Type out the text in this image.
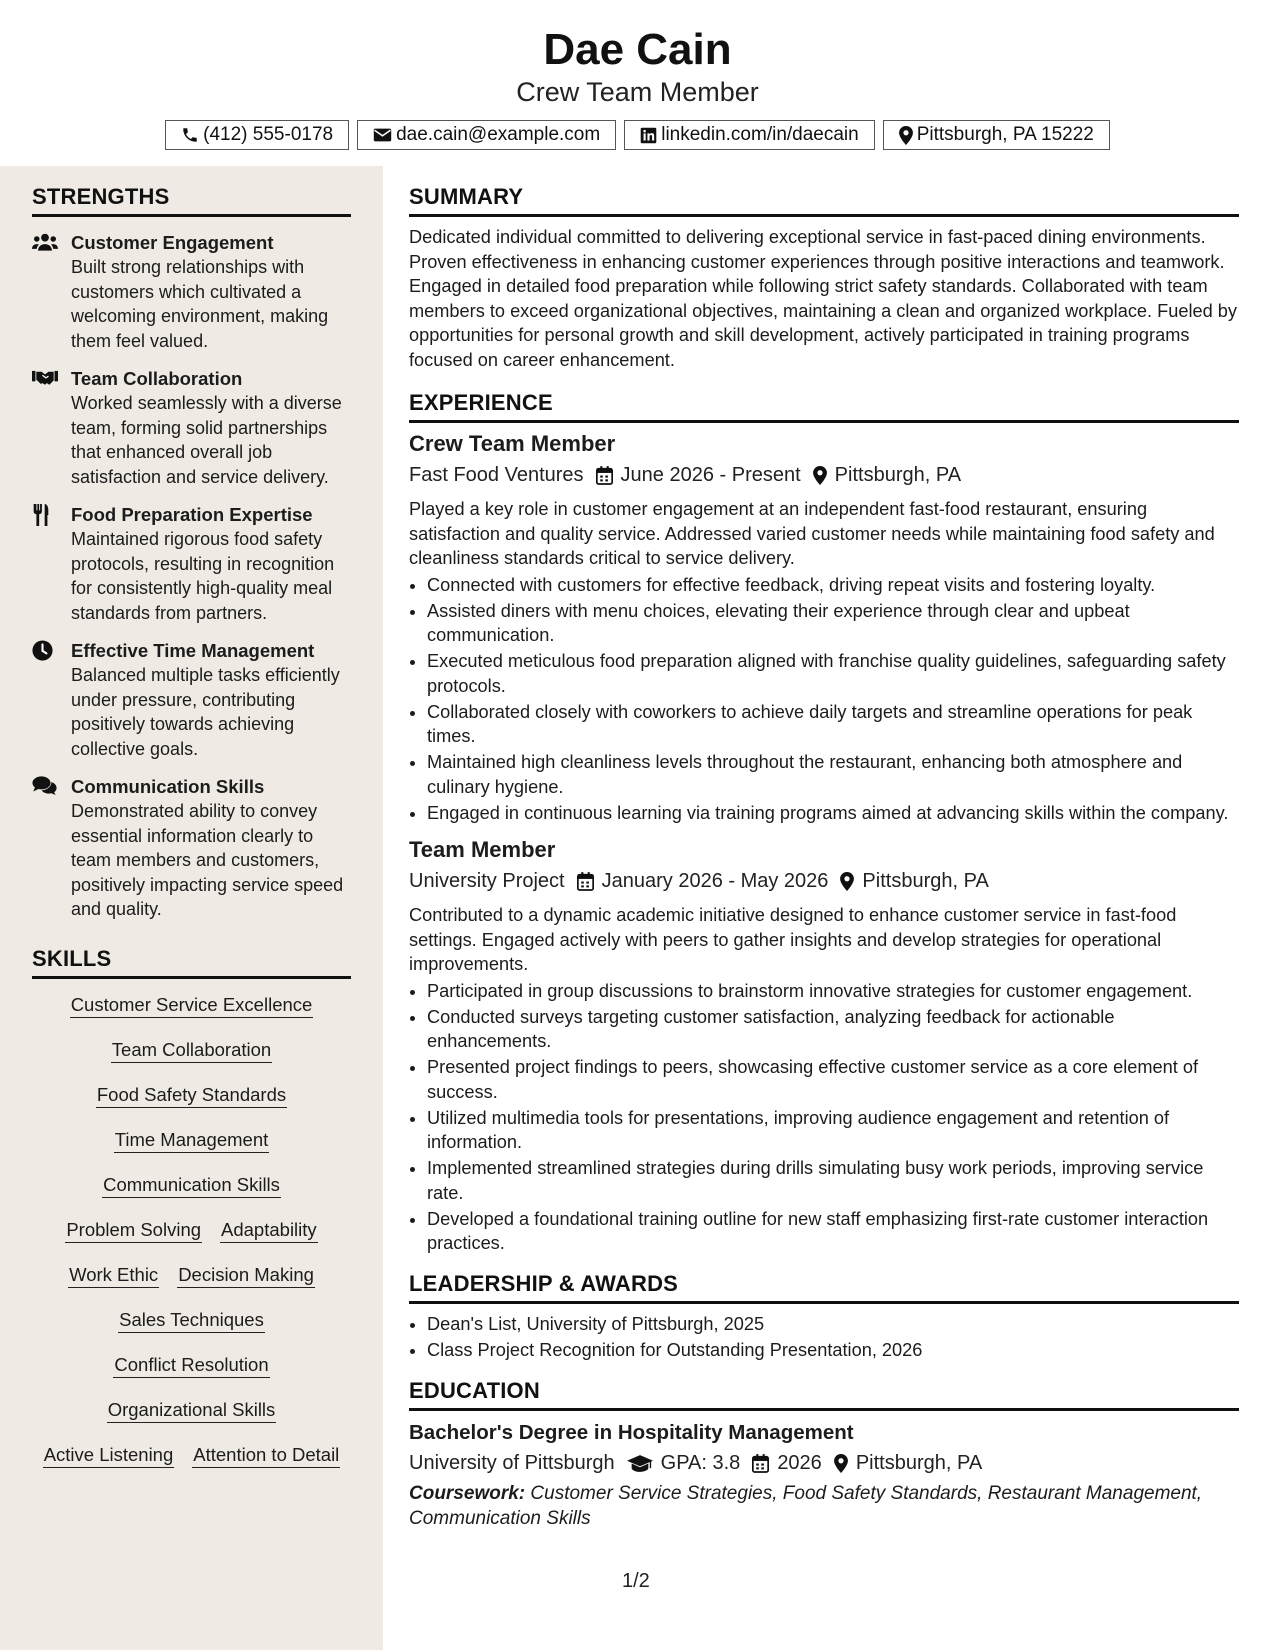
Dae Cain
Crew Team Member
(412) 555-0178	dae.cain@example.com	linkedin.com/in/daecain	Pittsburgh, PA 15222
STRENGTHS
Customer Engagement
Built strong relationships with customers which cultivated a welcoming environment, making them feel valued.
Team Collaboration
Worked seamlessly with a diverse team, forming solid partnerships that enhanced overall job satisfaction and service delivery.
Food Preparation Expertise
Maintained rigorous food safety protocols, resulting in recognition for consistently high-quality meal standards from partners.
Effective Time Management
Balanced multiple tasks efficiently under pressure, contributing positively towards achieving collective goals.
Communication Skills
Demonstrated ability to convey essential information clearly to team members and customers, positively impacting service speed and quality.
SKILLS
Customer Service Excellence
Team Collaboration
Food Safety Standards
Time Management
Communication Skills
Problem Solving Adaptability
Work Ethic Decision Making
Sales Techniques
Conflict Resolution
Organizational Skills
Active Listening Attention to Detail
SUMMARY
Dedicated individual committed to delivering exceptional service in fast-paced dining environments. Proven effectiveness in enhancing customer experiences through positive interactions and teamwork. Engaged in detailed food preparation while following strict safety standards. Collaborated with team members to exceed organizational objectives, maintaining a clean and organized workplace. Fueled by opportunities for personal growth and skill development, actively participated in training programs focused on career enhancement.
EXPERIENCE
Crew Team Member
Fast Food Ventures June 2026 - Present Pittsburgh, PA
Played a key role in customer engagement at an independent fast-food restaurant, ensuring satisfaction and quality service. Addressed varied customer needs while maintaining food safety and cleanliness standards critical to service delivery.
• Connected with customers for effective feedback, driving repeat visits and fostering loyalty.
• Assisted diners with menu choices, elevating their experience through clear and upbeat communication.
• Executed meticulous food preparation aligned with franchise quality guidelines, safeguarding safety protocols.
• Collaborated closely with coworkers to achieve daily targets and streamline operations for peak times.
• Maintained high cleanliness levels throughout the restaurant, enhancing both atmosphere and culinary hygiene.
• Engaged in continuous learning via training programs aimed at advancing skills within the company.
Team Member
University Project January 2026 - May 2026 Pittsburgh, PA
Contributed to a dynamic academic initiative designed to enhance customer service in fast-food settings. Engaged actively with peers to gather insights and develop strategies for operational improvements.
• Participated in group discussions to brainstorm innovative strategies for customer engagement.
• Conducted surveys targeting customer satisfaction, analyzing feedback for actionable enhancements.
• Presented project findings to peers, showcasing effective customer service as a core element of success.
• Utilized multimedia tools for presentations, improving audience engagement and retention of information.
• Implemented streamlined strategies during drills simulating busy work periods, improving service rate.
• Developed a foundational training outline for new staff emphasizing first-rate customer interaction practices.
LEADERSHIP & AWARDS
• Dean's List, University of Pittsburgh, 2025
• Class Project Recognition for Outstanding Presentation, 2026
EDUCATION
Bachelor's Degree in Hospitality Management
University of Pittsburgh GPA: 3.8 2026 Pittsburgh, PA
Coursework: Customer Service Strategies, Food Safety Standards, Restaurant Management, Communication Skills
1/2
